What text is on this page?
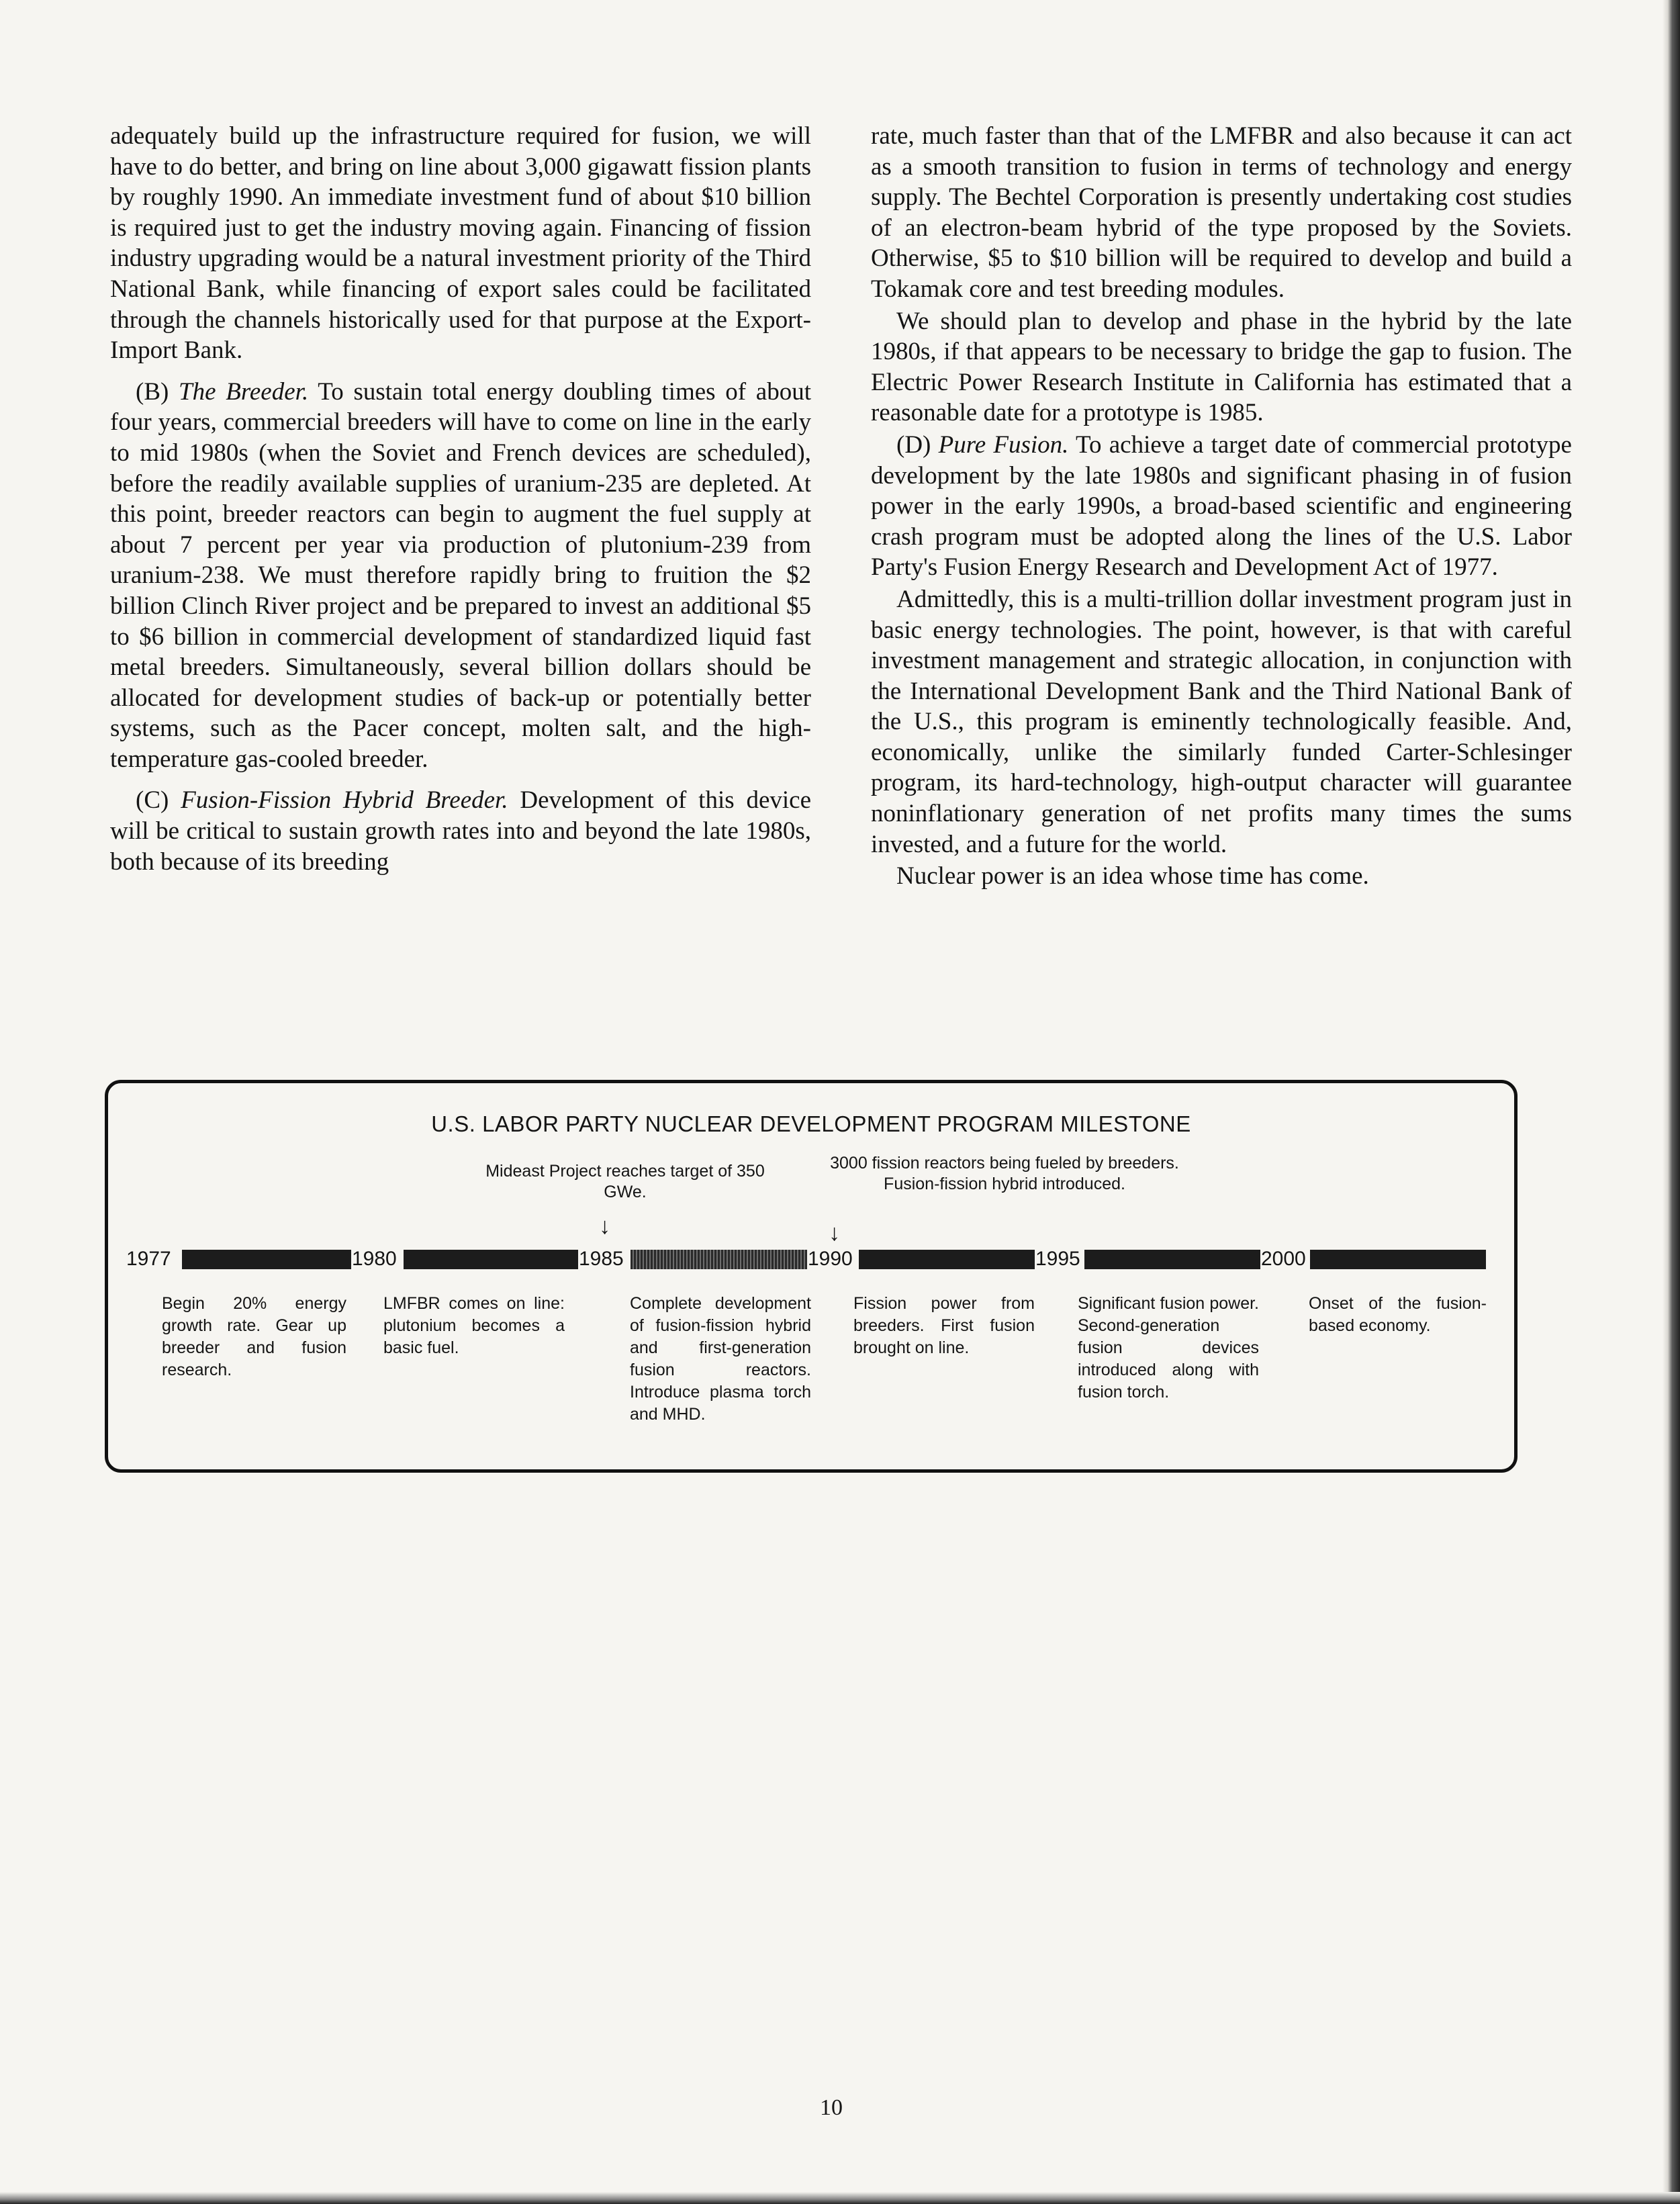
adequately build up the infrastructure required for fusion, we will have to do better, and bring on line about 3,000 gigawatt fission plants by roughly 1990. An immediate investment fund of about $10 billion is required just to get the industry moving again. Financing of fission industry upgrading would be a natural investment priority of the Third National Bank, while financing of export sales could be facilitated through the channels historically used for that purpose at the Export-Import Bank.

(B) The Breeder. To sustain total energy doubling times of about four years, commercial breeders will have to come on line in the early to mid 1980s (when the Soviet and French devices are scheduled), before the readily available supplies of uranium-235 are depleted. At this point, breeder reactors can begin to augment the fuel supply at about 7 percent per year via production of plutonium-239 from uranium-238. We must therefore rapidly bring to fruition the $2 billion Clinch River project and be prepared to invest an additional $5 to $6 billion in commercial development of standardized liquid fast metal breeders. Simultaneously, several billion dollars should be allocated for development studies of back-up or potentially better systems, such as the Pacer concept, molten salt, and the high-temperature gas-cooled breeder.

(C) Fusion-Fission Hybrid Breeder. Development of this device will be critical to sustain growth rates into and beyond the late 1980s, both because of its breeding

rate, much faster than that of the LMFBR and also because it can act as a smooth transition to fusion in terms of technology and energy supply. The Bechtel Corporation is presently undertaking cost studies of an electron-beam hybrid of the type proposed by the Soviets. Otherwise, $5 to $10 billion will be required to develop and build a Tokamak core and test breeding modules.

We should plan to develop and phase in the hybrid by the late 1980s, if that appears to be necessary to bridge the gap to fusion. The Electric Power Research Institute in California has estimated that a reasonable date for a prototype is 1985.

(D) Pure Fusion. To achieve a target date of commercial prototype development by the late 1980s and significant phasing in of fusion power in the early 1990s, a broad-based scientific and engineering crash program must be adopted along the lines of the U.S. Labor Party's Fusion Energy Research and Development Act of 1977.

Admittedly, this is a multi-trillion dollar investment program just in basic energy technologies. The point, however, is that with careful investment management and strategic allocation, in conjunction with the International Development Bank and the Third National Bank of the U.S., this program is eminently technologically feasible. And, economically, unlike the similarly funded Carter-Schlesinger program, its hard-technology, high-output character will guarantee noninflationary generation of net profits many times the sums invested, and a future for the world.

Nuclear power is an idea whose time has come.

U.S. LABOR PARTY NUCLEAR DEVELOPMENT PROGRAM MILESTONE
Mideast Project reaches target of 350 GWe.
3000 fission reactors being fueled by breeders. Fusion-fission hybrid introduced.
↓	↓
1977	1980	1985	1990	1995	2000
Begin 20% energy growth rate. Gear up breeder and fusion research.
LMFBR comes on line: plutonium becomes a basic fuel.
Complete development of fusion-fission hybrid and first-generation fusion reactors. Introduce plasma torch and MHD.
Fission power from breeders. First fusion brought on line.
Significant fusion power. Second-generation fusion devices introduced along with fusion torch.
Onset of the fusion-based economy.
10
